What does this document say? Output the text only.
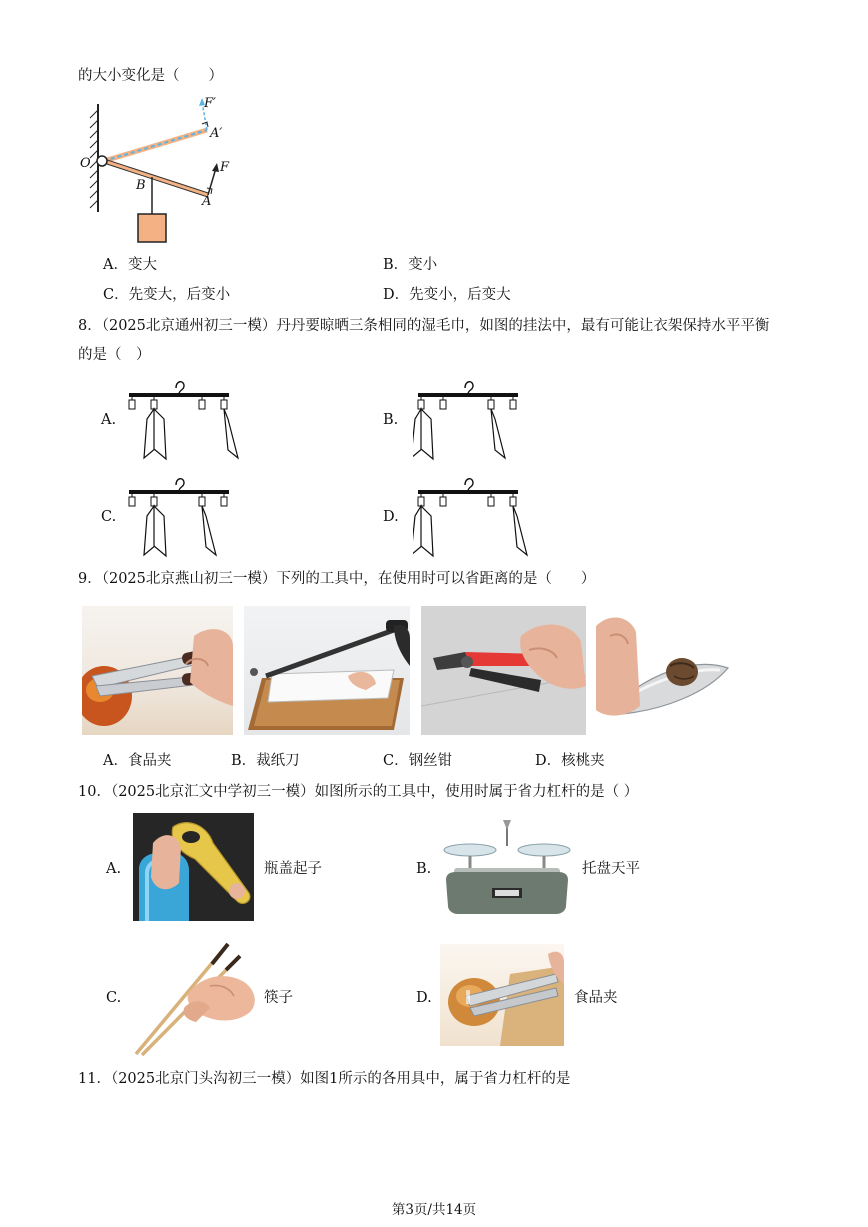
的大小变化是（　　）
F′
A′
O
B
F
A
A．变大	B．变小
C．先变大，后变小	D．先变小，后变大
8．（2025北京通州初三一模）丹丹要晾晒三条相同的湿毛巾，如图的挂法中，最有可能让衣架保持水平平衡
的是（　）
A.	B.
C.	D.
9．（2025北京燕山初三一模）下列的工具中，在使用时可以省距离的是（　　）
A．食品夹	B．裁纸刀	C．钢丝钳	D．核桃夹
10．（2025北京汇文中学初三一模）如图所示的工具中，使用时属于省力杠杆的是（ ）
A.	瓶盖起子	B.	托盘天平
C.	筷子	D.	食品夹
11．（2025北京门头沟初三一模）如图1所示的各用具中，属于省力杠杆的是
第3页/共14页
